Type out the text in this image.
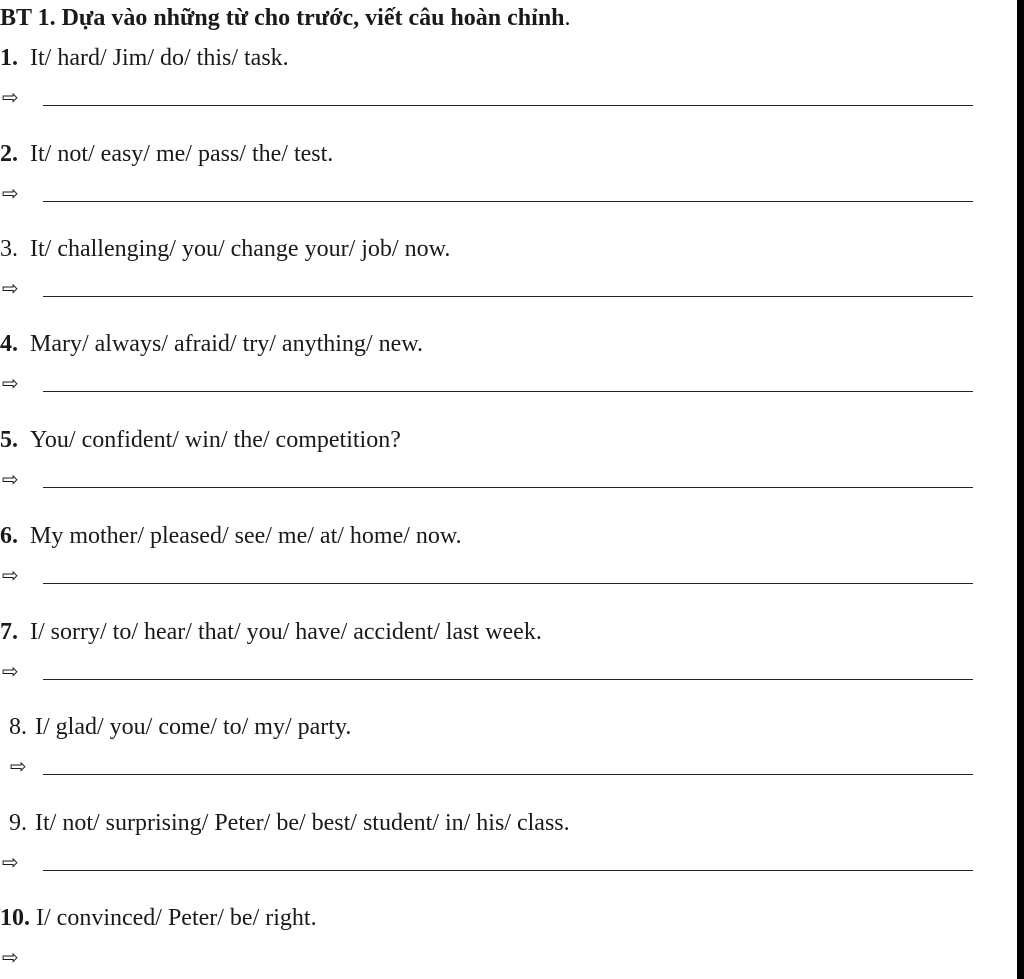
BT 1. Dựa vào những từ cho trước, viết câu hoàn chỉnh.
1. It/ hard/ Jim/ do/ this/ task.
⇨
2. It/ not/ easy/ me/ pass/ the/ test.
⇨
3. It/ challenging/ you/ change your/ job/ now.
⇨
4. Mary/ always/ afraid/ try/ anything/ new.
⇨
5. You/ confident/ win/ the/ competition?
⇨
6. My mother/ pleased/ see/ me/ at/ home/ now.
⇨
7. I/ sorry/ to/ hear/ that/ you/ have/ accident/ last week.
⇨
8. I/ glad/ you/ come/ to/ my/ party.
⇨
9. It/ not/ surprising/ Peter/ be/ best/ student/ in/ his/ class.
⇨
10. I/ convinced/ Peter/ be/ right.
⇨
